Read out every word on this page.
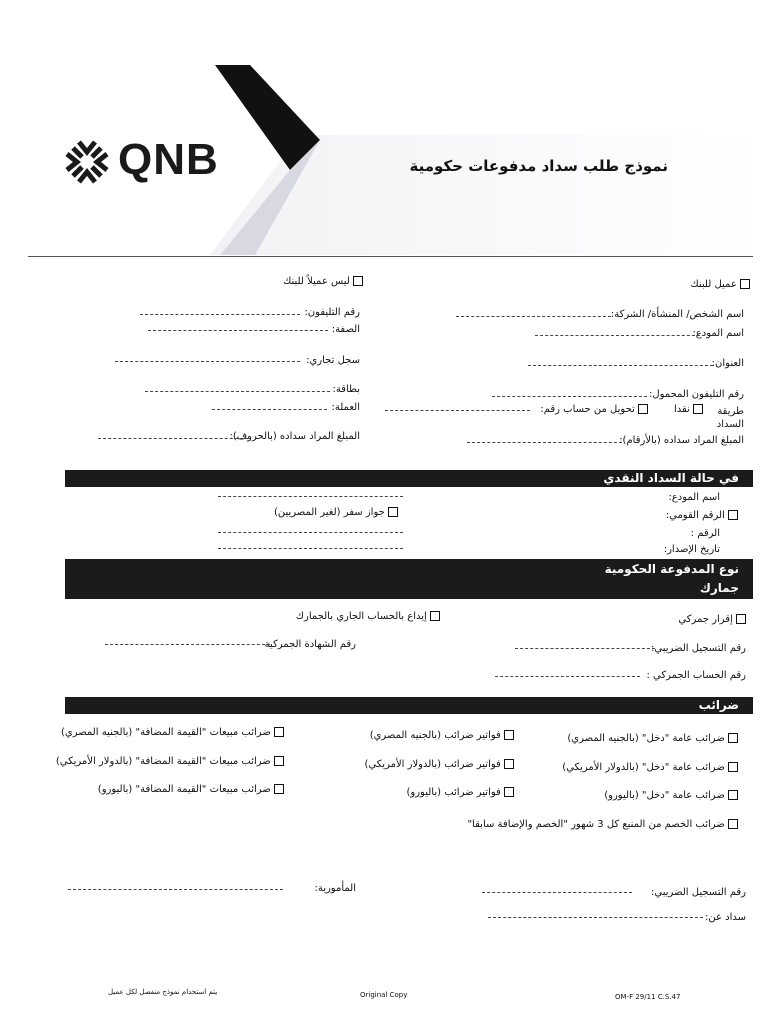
QNB	نموذج طلب سداد مدفوعات حكومية
عميل للبنك
ليس عميلاً للبنك
اسم الشخص/ المنشأة/ الشركة:
رقم التليفون:
اسم المودع:
الصفة:
العنوان:
سجل تجاري:
رقم التليفون المحمول:
بطاقة:
طريقة السداد
نقدا
تحويل من حساب رقم:
العملة:
المبلغ المراد سداده (بالأرقام):
المبلغ المراد سداده (بالحروف):
في حالة السداد النقدي
اسم المودع:
الرقم القومي:
جواز سفر (لغير المصريين)
الرقم :
تاريخ الإصدار:
نوع المدفوعة الحكومية
جمارك
إقرار جمركي
إيداع بالحساب الجاري بالجمارك
رقم التسجيل الضريبي:
رقم الشهادة الجمركية
رقم الحساب الجمركي :
ضرائب
ضرائب عامة "دخل" (بالجنيه المصري)
ضرائب عامة "دخل" (بالدولار الأمريكي)
ضرائب عامة "دخل" (باليورو)
فواتير ضرائب (بالجنيه المصري)
فواتير ضرائب (بالدولار الأمريكي)
فواتير ضرائب (باليورو)
ضرائب مبيعات "القيمة المضافة" (بالجنيه المصري)
ضرائب مبيعات "القيمة المضافة" (بالدولار الأمريكي)
ضرائب مبيعات "القيمة المضافة" (باليورو)
ضرائب الخصم من المنبع كل 3 شهور "الخصم والإضافة سابقا"
رقم التسجيل الضريبي:
المأمورية:
سداد عن:
يتم استخدام نموذج منفصل لكل عميل	Original Copy	OM-F 29/11 C.S.47
